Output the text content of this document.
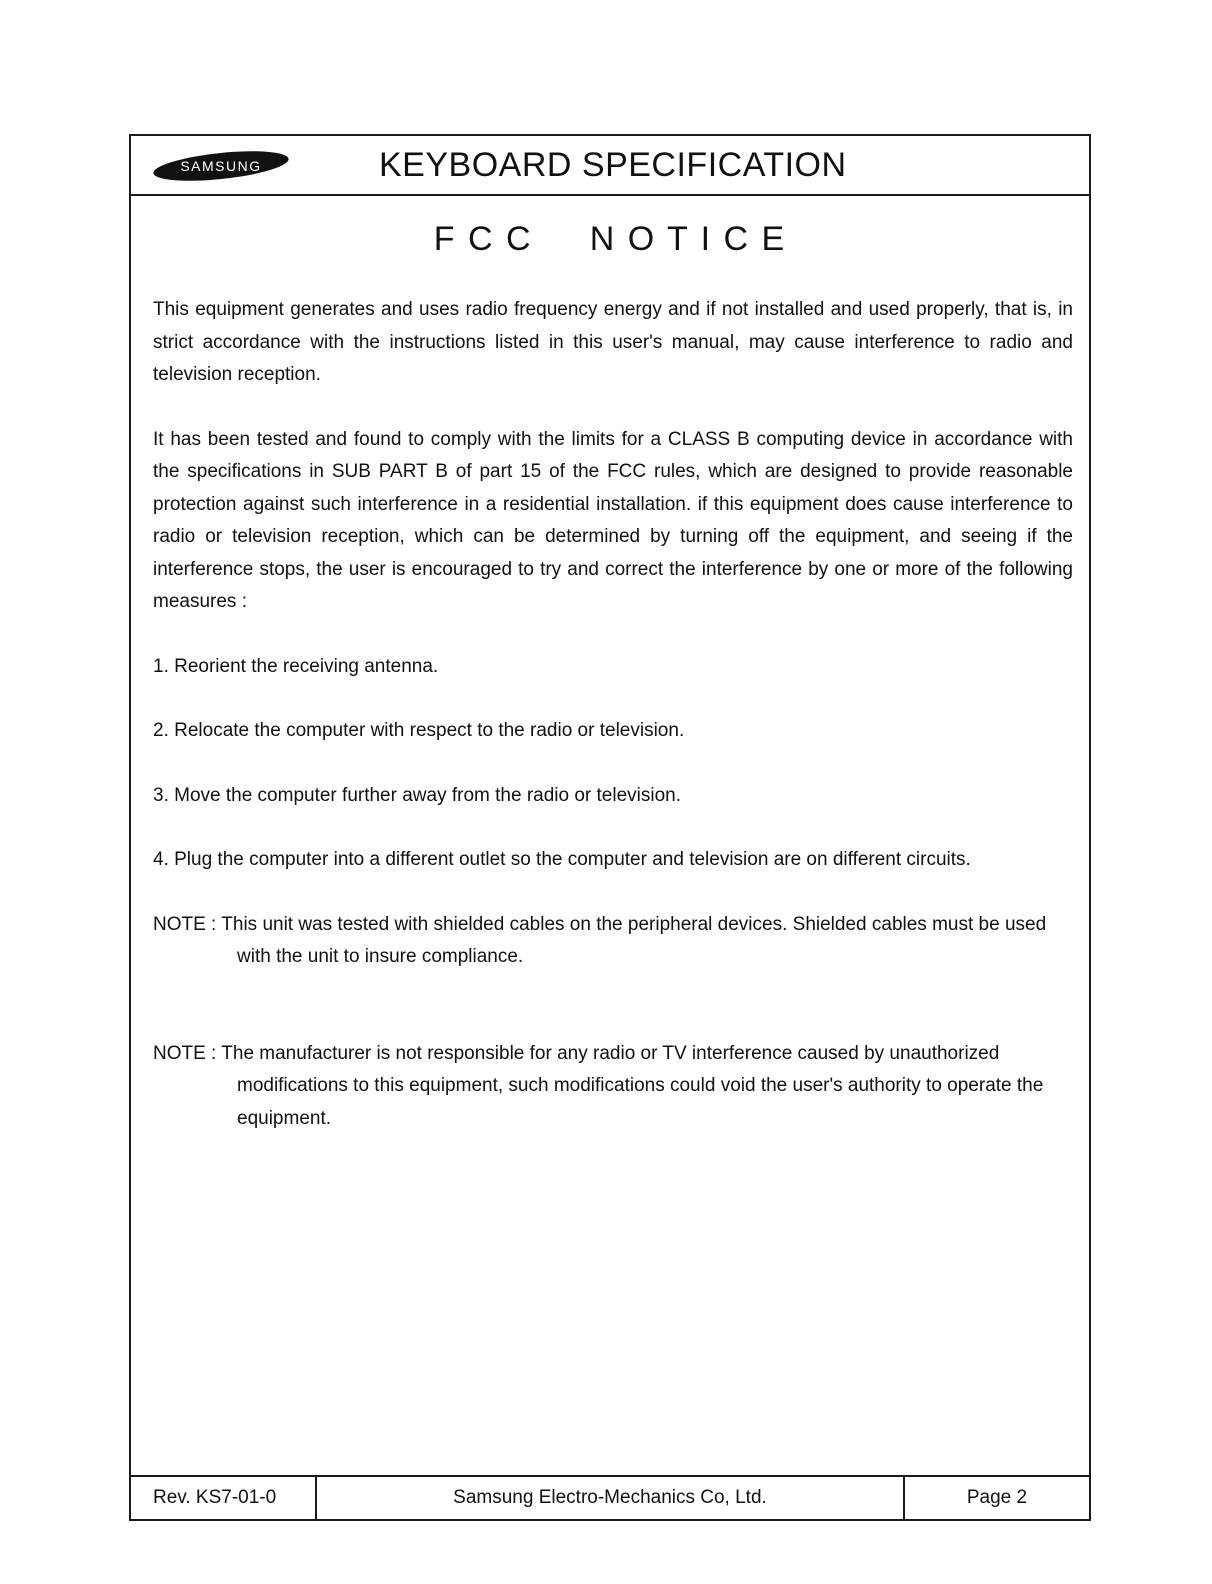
SAMSUNG	KEYBOARD SPECIFICATION
F C C     N O T I C E

This equipment generates and uses radio frequency energy and if not installed and used properly, that is, in strict accordance with the instructions listed in this user's manual, may cause interference to radio and television reception.

It has been tested and found to comply with the limits for a CLASS B computing device in accordance with the specifications in SUB PART B of part 15 of the FCC rules, which are designed to provide reasonable protection against such interference in a residential installation. if this equipment does cause interference to radio or television reception, which can be determined by turning off the equipment, and seeing if the interference stops, the user is encouraged to try and correct the interference by one or more of the following measures :

1. Reorient the receiving antenna.

2. Relocate the computer with respect to the radio or television.

3. Move the computer further away from the radio or television.

4. Plug the computer into a different outlet so the computer and television are on different circuits.

NOTE : This unit was tested with shielded cables on the peripheral devices. Shielded cables must be used with the unit to insure compliance.

NOTE : The manufacturer is not responsible for any radio or TV interference caused by unauthorized modifications to this equipment, such modifications could void the user's authority to operate the equipment.

Rev. KS7-01-0	Samsung Electro-Mechanics Co, Ltd.	Page 2
